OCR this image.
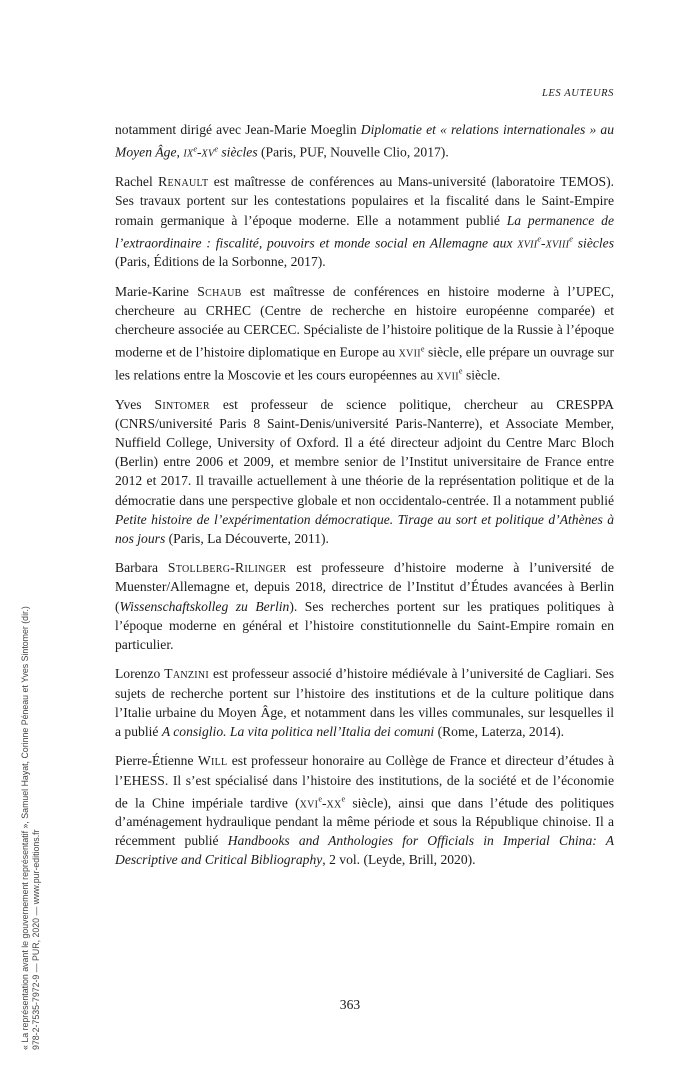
LES AUTEURS

notamment dirigé avec Jean-Marie Moeglin Diplomatie et « relations internationales » au Moyen Âge, $ix^e-xv^e$ siècles (Paris, PUF, Nouvelle Clio, 2017).

Rachel Renault est maîtresse de conférences au Mans-université (laboratoire TEMOS). Ses travaux portent sur les contestations populaires et la fiscalité dans le Saint-Empire romain germanique à l’époque moderne. Elle a notamment publié La permanence de l’extraordinaire : fiscalité, pouvoirs et monde social en Allemagne aux xvii$^e$-xviii$^e$ siècles (Paris, Éditions de la Sorbonne, 2017).

Marie-Karine Schaub est maîtresse de conférences en histoire moderne à l’UPEC, chercheure au CRHEC (Centre de recherche en histoire européenne comparée) et chercheure associée au CERCEC. Spécialiste de l’histoire politique de la Russie à l’époque moderne et de l’histoire diplomatique en Europe au xvii$^e$ siècle, elle prépare un ouvrage sur les relations entre la Moscovie et les cours européennes au xvii$^e$ siècle.

Yves Sintomer est professeur de science politique, chercheur au CRESPPA (CNRS/université Paris 8 Saint-Denis/université Paris-Nanterre), et Associate Member, Nuffield College, University of Oxford. Il a été directeur adjoint du Centre Marc Bloch (Berlin) entre 2006 et 2009, et membre senior de l’Institut universitaire de France entre 2012 et 2017. Il travaille actuellement à une théorie de la représentation politique et de la démocratie dans une perspective globale et non occidentalo-centrée. Il a notamment publié Petite histoire de l’expérimentation démocratique. Tirage au sort et politique d’Athènes à nos jours (Paris, La Découverte, 2011).

Barbara Stollberg-Rilinger est professeure d’histoire moderne à l’université de Muenster/Allemagne et, depuis 2018, directrice de l’Institut d’Études avancées à Berlin (Wissenschaftskolleg zu Berlin). Ses recherches portent sur les pratiques politiques à l’époque moderne en général et l’histoire constitutionnelle du Saint-Empire romain en particulier.

Lorenzo Tanzini est professeur associé d’histoire médiévale à l’université de Cagliari. Ses sujets de recherche portent sur l’histoire des institutions et de la culture politique dans l’Italie urbaine du Moyen Âge, et notamment dans les villes communales, sur lesquelles il a publié A consiglio. La vita politica nell’Italia dei comuni (Rome, Laterza, 2014).

Pierre-Étienne Will est professeur honoraire au Collège de France et directeur d’études à l’EHESS. Il s’est spécialisé dans l’histoire des institutions, de la société et de l’économie de la Chine impériale tardive ($xvi^e-xx^e$ siècle), ainsi que dans l’étude des politiques d’aménagement hydraulique pendant la même période et sous la République chinoise. Il a récemment publié Handbooks and Anthologies for Officials in Imperial China: A Descriptive and Critical Bibliography, 2 vol. (Leyde, Brill, 2020).

363
« La représentation avant le gouvernement représentatif », Samuel Hayat, Corinne Péneau et Yves Sintomer (dir.) 978-2-7535-7972-9 — PUR, 2020 — www.pur-editions.fr
